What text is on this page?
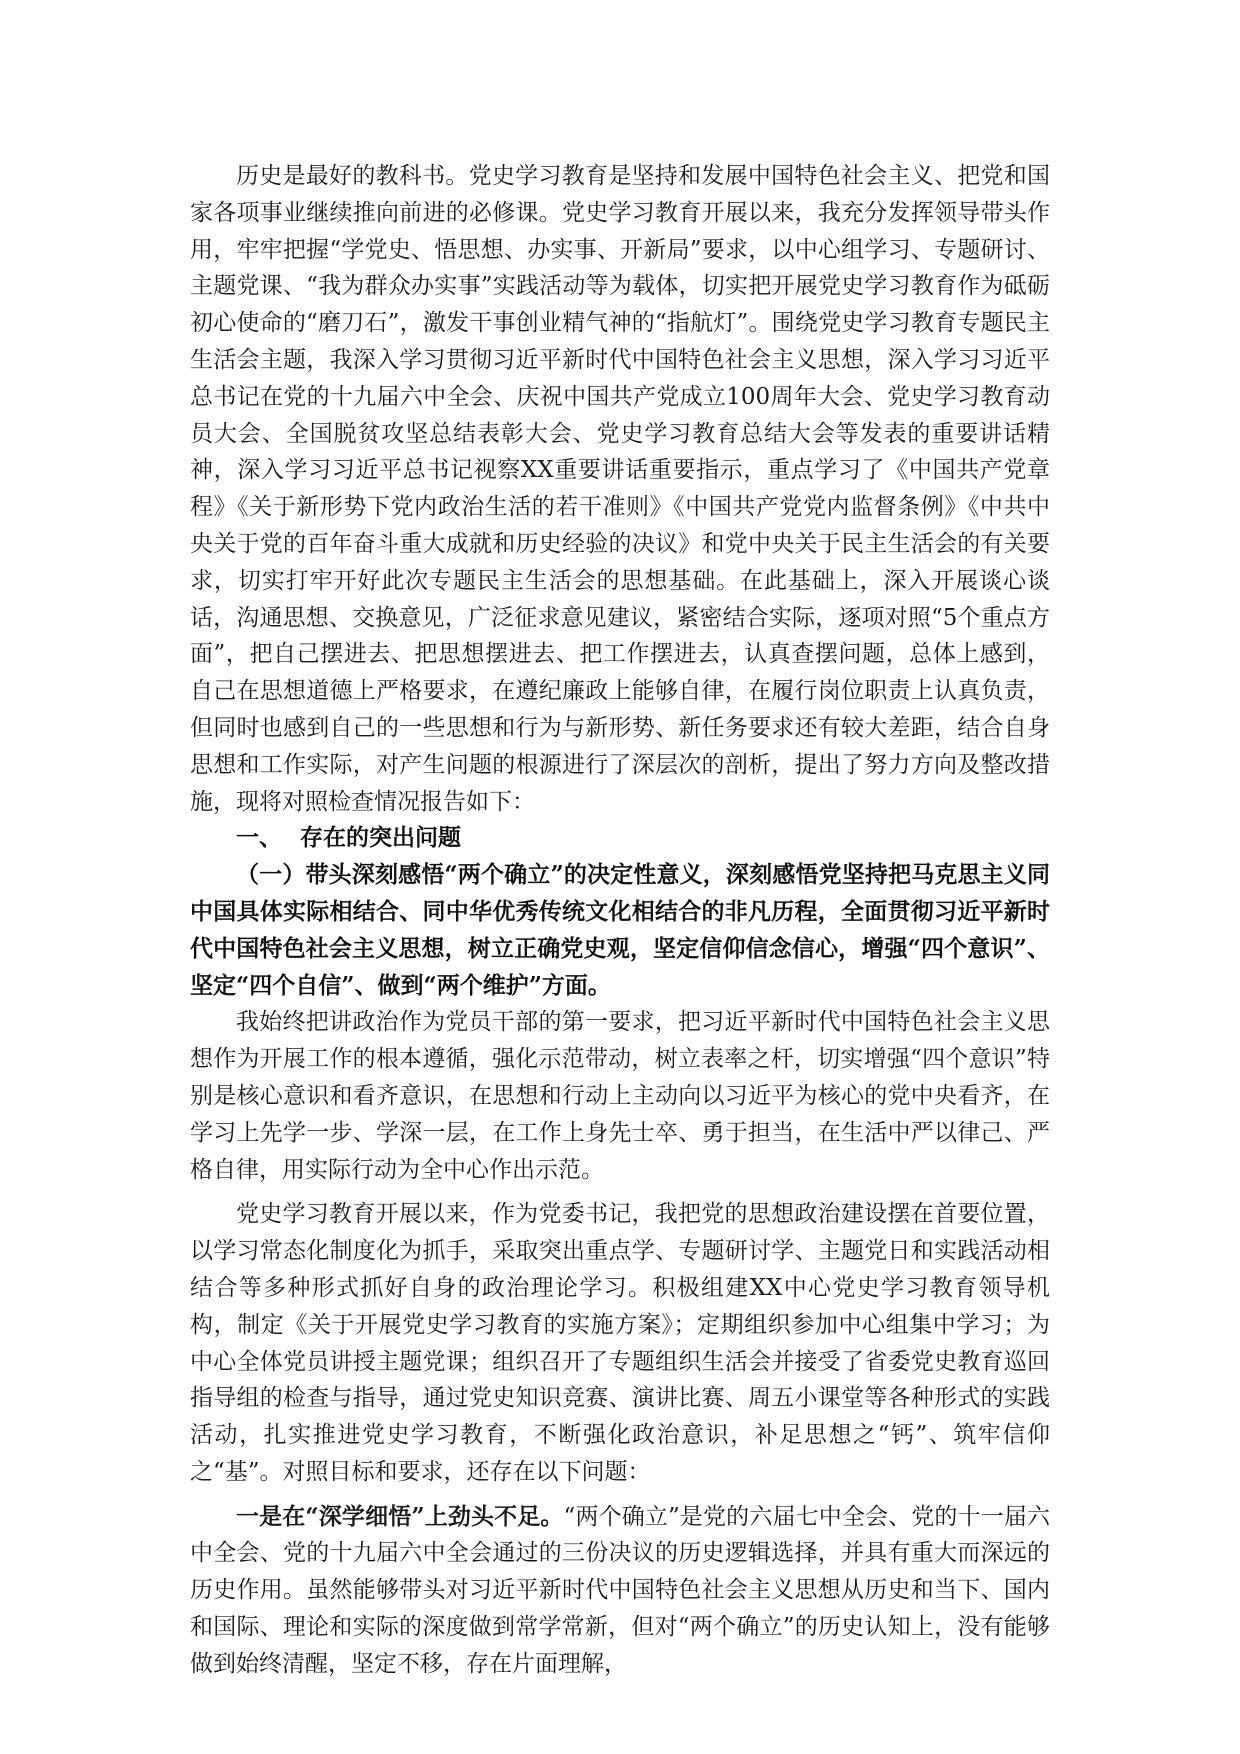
历史是最好的教科书。党史学习教育是坚持和发展中国特色社会主义、把党和国家各项事业继续推向前进的必修课。党史学习教育开展以来，我充分发挥领导带头作用，牢牢把握“学党史、悟思想、办实事、开新局”要求，以中心组学习、专题研讨、主题党课、“我为群众办实事”实践活动等为载体，切实把开展党史学习教育作为砥砺初心使命的“磨刀石”，激发干事创业精气神的“指航灯”。围绕党史学习教育专题民主生活会主题，我深入学习贯彻习近平新时代中国特色社会主义思想，深入学习习近平总书记在党的十九届六中全会、庆祝中国共产党成立100周年大会、党史学习教育动员大会、全国脱贫攻坚总结表彰大会、党史学习教育总结大会等发表的重要讲话精神，深入学习习近平总书记视察XX重要讲话重要指示，重点学习了《中国共产党章程》《关于新形势下党内政治生活的若干准则》《中国共产党党内监督条例》《中共中央关于党的百年奋斗重大成就和历史经验的决议》和党中央关于民主生活会的有关要求，切实打牢开好此次专题民主生活会的思想基础。在此基础上，深入开展谈心谈话，沟通思想、交换意见，广泛征求意见建议，紧密结合实际，逐项对照“5个重点方面”，把自己摆进去、把思想摆进去、把工作摆进去，认真查摆问题，总体上感到，自己在思想道德上严格要求，在遵纪廉政上能够自律，在履行岗位职责上认真负责，但同时也感到自己的一些思想和行为与新形势、新任务要求还有较大差距，结合自身思想和工作实际，对产生问题的根源进行了深层次的剖析，提出了努力方向及整改措施，现将对照检查情况报告如下：

一、 存在的突出问题

（一）带头深刻感悟“两个确立”的决定性意义，深刻感悟党坚持把马克思主义同中国具体实际相结合、同中华优秀传统文化相结合的非凡历程，全面贯彻习近平新时代中国特色社会主义思想，树立正确党史观，坚定信仰信念信心，增强“四个意识”、坚定“四个自信”、做到“两个维护”方面。

我始终把讲政治作为党员干部的第一要求，把习近平新时代中国特色社会主义思想作为开展工作的根本遵循，强化示范带动，树立表率之杆，切实增强“四个意识”特别是核心意识和看齐意识，在思想和行动上主动向以习近平为核心的党中央看齐，在学习上先学一步、学深一层，在工作上身先士卒、勇于担当，在生活中严以律己、严格自律，用实际行动为全中心作出示范。

党史学习教育开展以来，作为党委书记，我把党的思想政治建设摆在首要位置，以学习常态化制度化为抓手，采取突出重点学、专题研讨学、主题党日和实践活动相结合等多种形式抓好自身的政治理论学习。积极组建XX中心党史学习教育领导机构，制定《关于开展党史学习教育的实施方案》；定期组织参加中心组集中学习；为中心全体党员讲授主题党课；组织召开了专题组织生活会并接受了省委党史教育巡回指导组的检查与指导，通过党史知识竞赛、演讲比赛、周五小课堂等各种形式的实践活动，扎实推进党史学习教育，不断强化政治意识，补足思想之“钙”、筑牢信仰之“基”。对照目标和要求，还存在以下问题：

一是在“深学细悟”上劲头不足。“两个确立”是党的六届七中全会、党的十一届六中全会、党的十九届六中全会通过的三份决议的历史逻辑选择，并具有重大而深远的历史作用。虽然能够带头对习近平新时代中国特色社会主义思想从历史和当下、国内和国际、理论和实际的深度做到常学常新，但对“两个确立”的历史认知上，没有能够做到始终清醒，坚定不移，存在片面理解，
